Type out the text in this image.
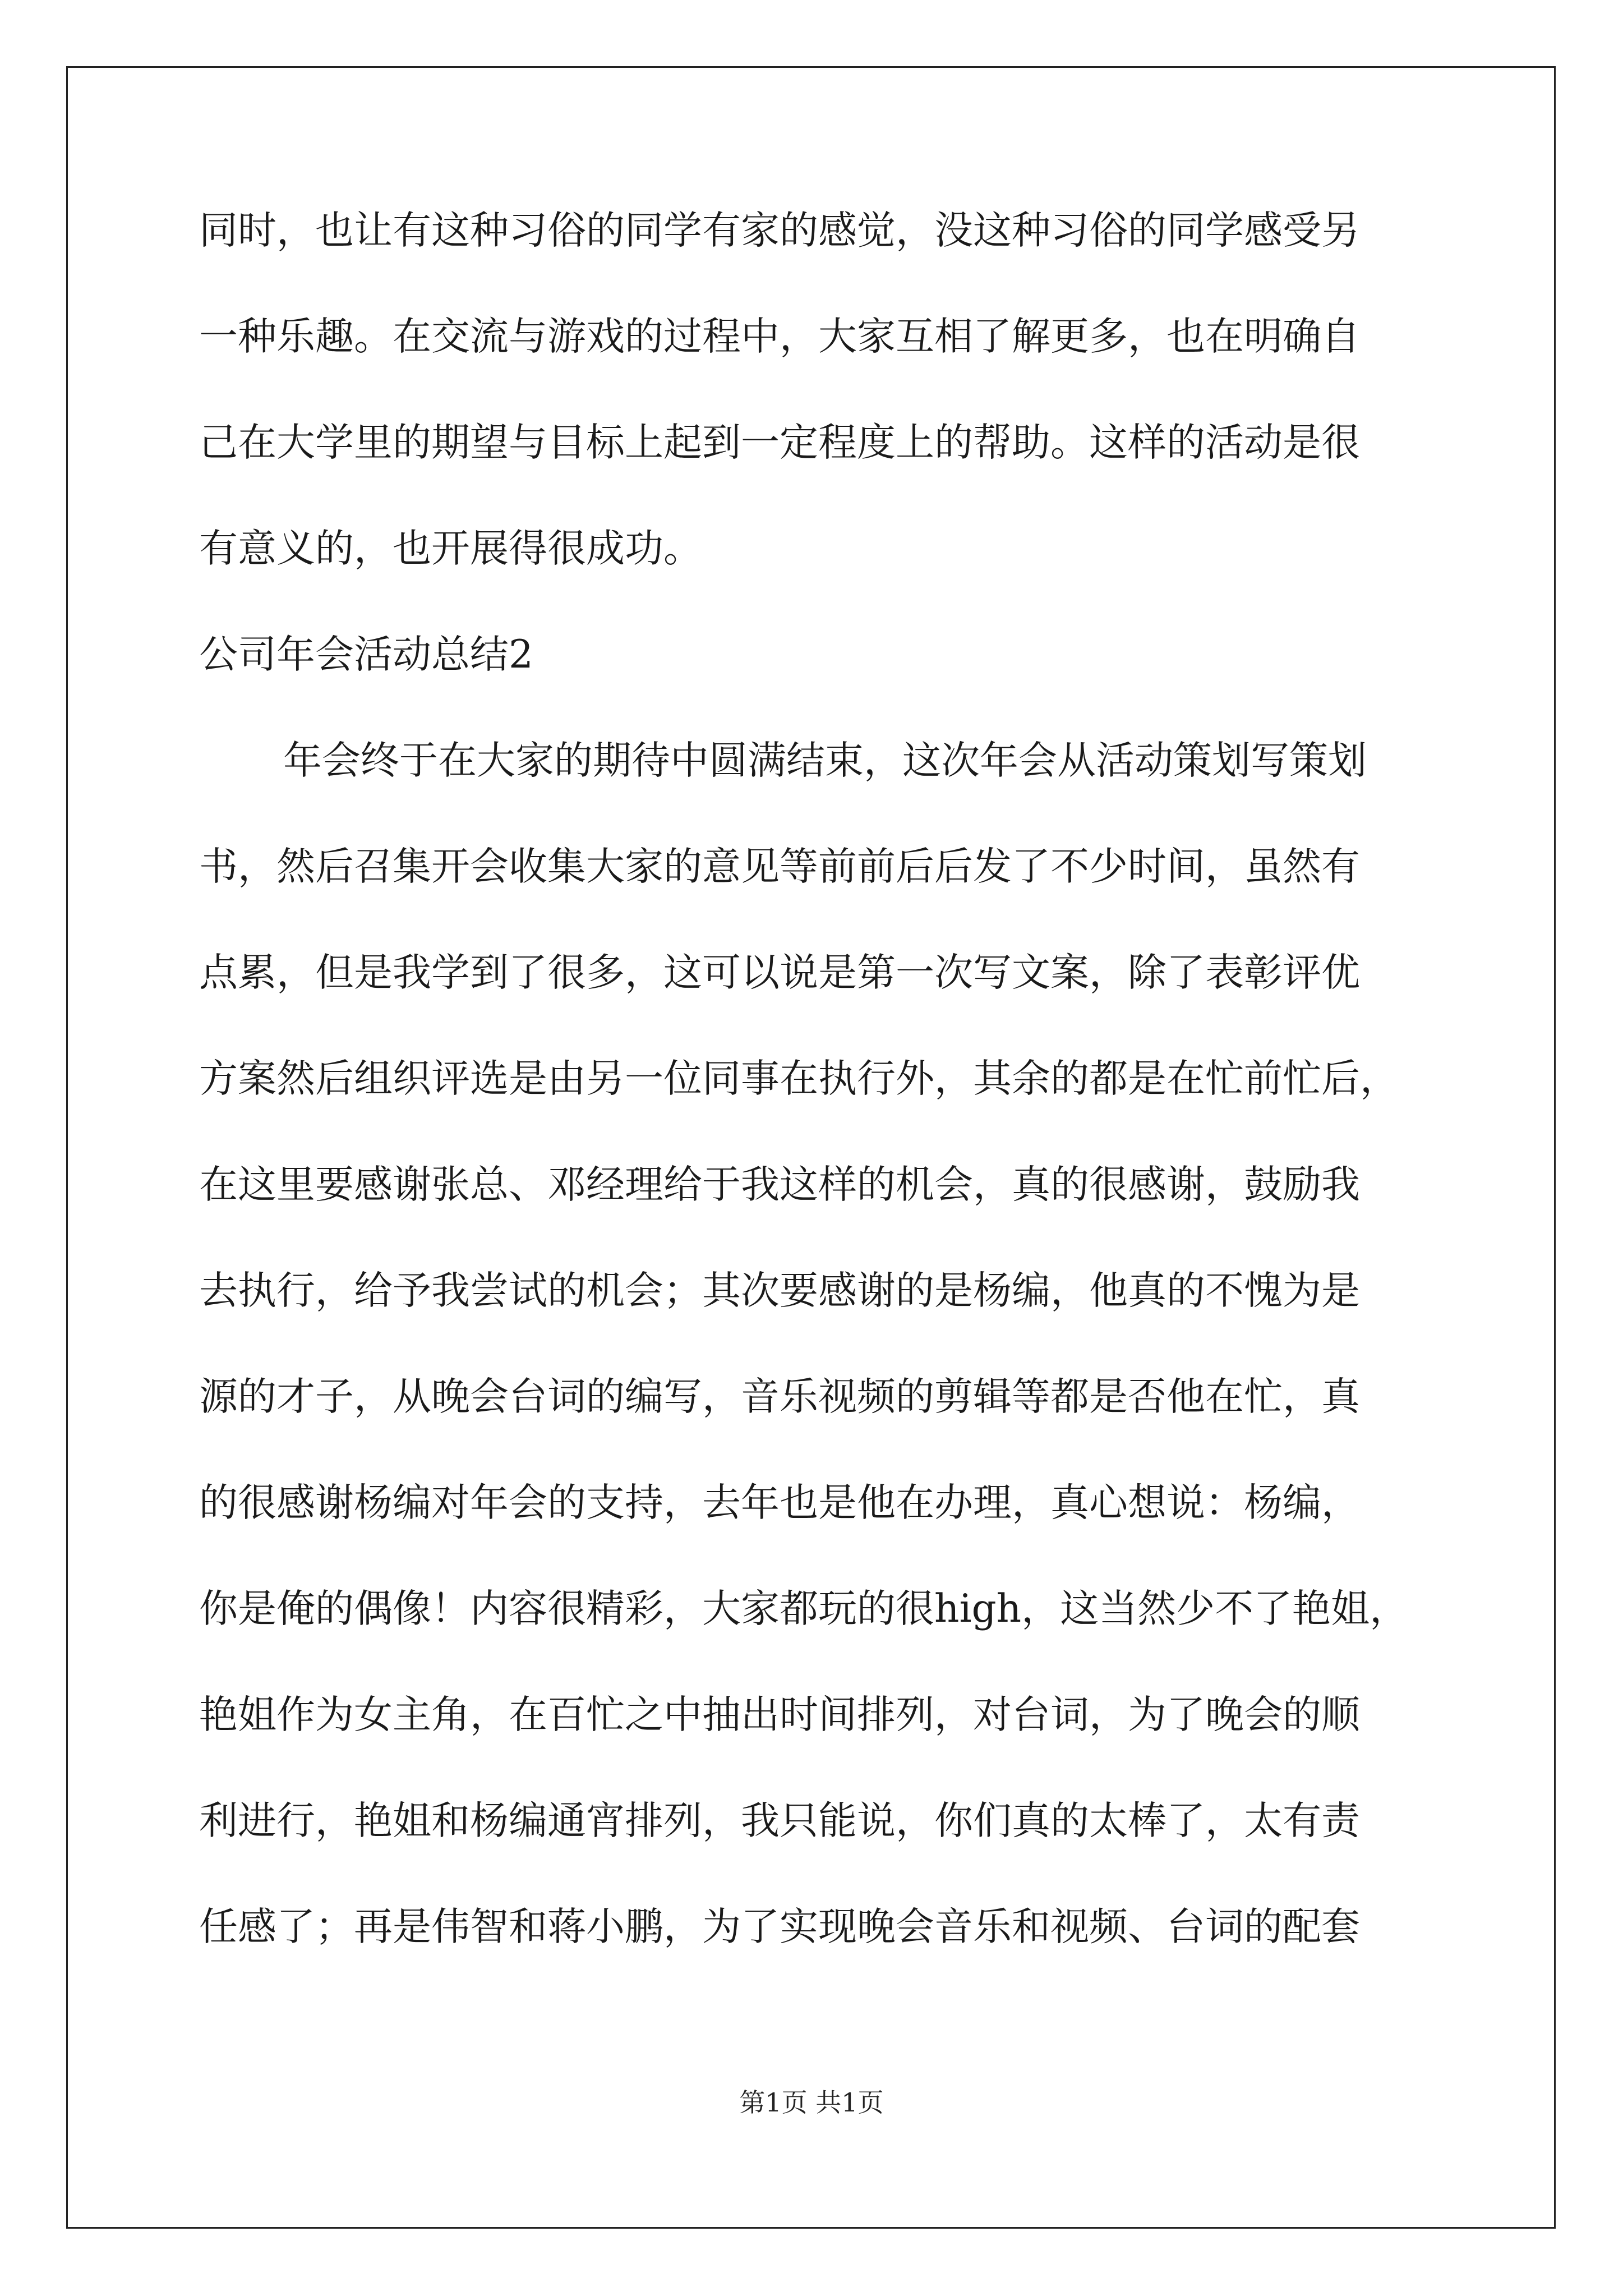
同时，也让有这种习俗的同学有家的感觉，没这种习俗的同学感受另
一种乐趣。在交流与游戏的过程中，大家互相了解更多，也在明确自
己在大学里的期望与目标上起到一定程度上的帮助。这样的活动是很
有意义的，也开展得很成功。
公司年会活动总结2
年会终于在大家的期待中圆满结束，这次年会从活动策划写策划
书，然后召集开会收集大家的意见等前前后后发了不少时间，虽然有
点累，但是我学到了很多，这可以说是第一次写文案，除了表彰评优
方案然后组织评选是由另一位同事在执行外，其余的都是在忙前忙后，
在这里要感谢张总、邓经理给于我这样的机会，真的很感谢，鼓励我
去执行，给予我尝试的机会；其次要感谢的是杨编，他真的不愧为是
源的才子，从晚会台词的编写，音乐视频的剪辑等都是否他在忙，真
的很感谢杨编对年会的支持，去年也是他在办理，真心想说：杨编，
你是俺的偶像！内容很精彩，大家都玩的很high，这当然少不了艳姐，
艳姐作为女主角，在百忙之中抽出时间排列，对台词，为了晚会的顺
利进行，艳姐和杨编通宵排列，我只能说，你们真的太棒了，太有责
任感了；再是伟智和蒋小鹏，为了实现晚会音乐和视频、台词的配套
第1页 共1页
